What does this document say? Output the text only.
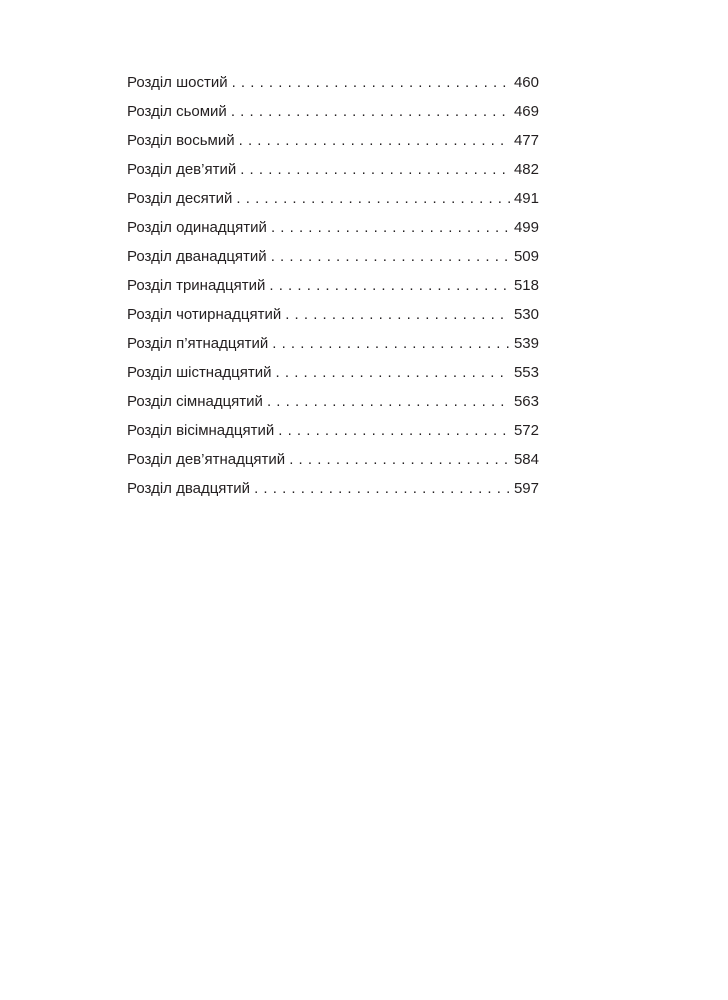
Розділ шостий . . .	460
Розділ сьомий . . .	469
Розділ восьмий . . .	477
Розділ дев’ятий . . .	482
Розділ десятий . . .	491
Розділ одинадцятий . . .	499
Розділ дванадцятий . . .	509
Розділ тринадцятий . . .	518
Розділ чотирнадцятий . . .	530
Розділ п’ятнадцятий . . .	539
Розділ шістнадцятий . . .	553
Розділ сімнадцятий . . .	563
Розділ вісімнадцятий . . .	572
Розділ дев’ятнадцятий . . .	584
Розділ двадцятий . . .	597
